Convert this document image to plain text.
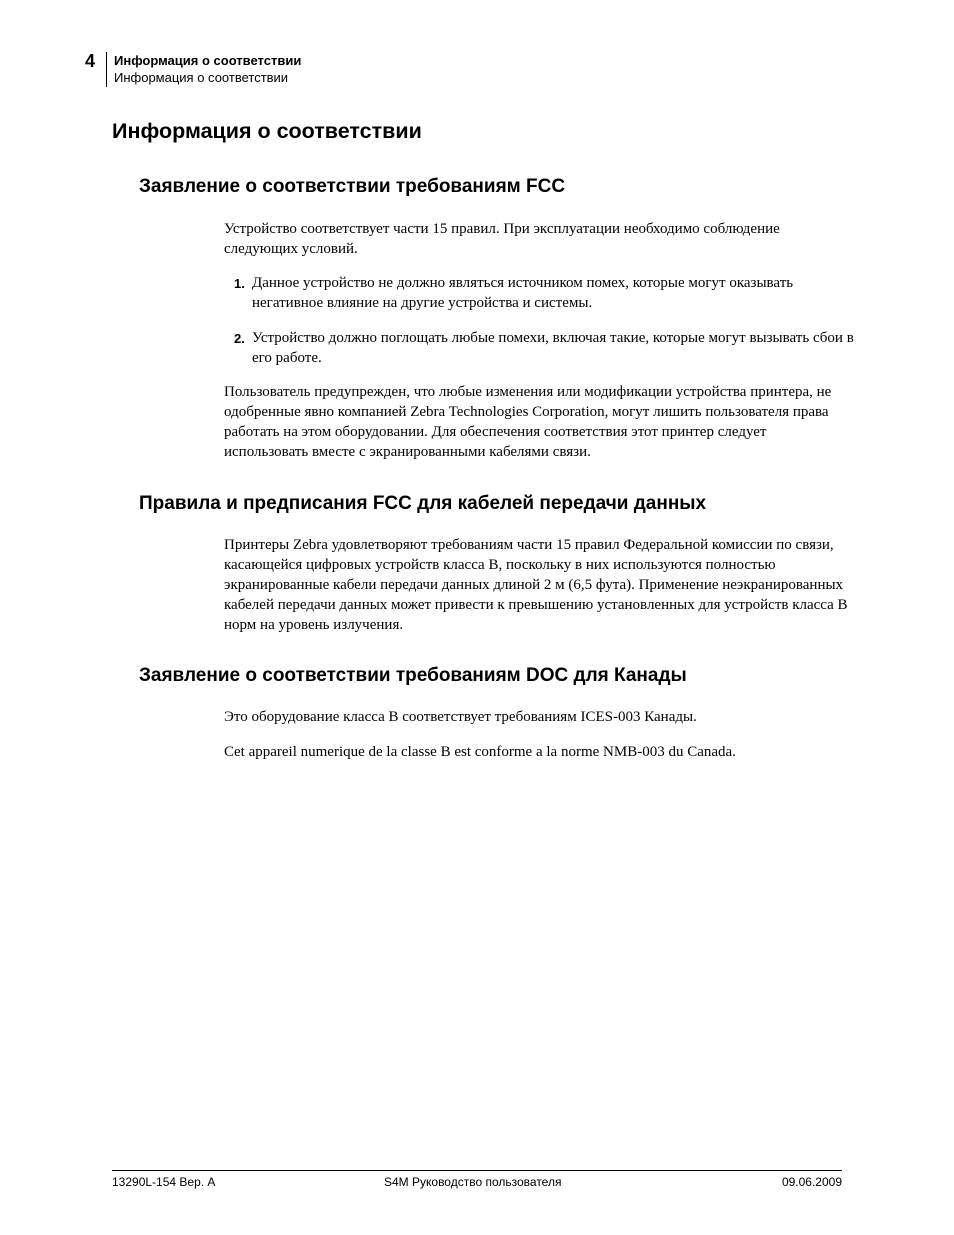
4 Информация о соответствии
Информация о соответствии
Информация о соответствии
Заявление о соответствии требованиям FCC
Устройство соответствует части 15 правил. При эксплуатации необходимо соблюдение следующих условий.
1. Данное устройство не должно являться источником помех, которые могут оказывать негативное влияние на другие устройства и системы.
2. Устройство должно поглощать любые помехи, включая такие, которые могут вызывать сбои в его работе.
Пользователь предупрежден, что любые изменения или модификации устройства принтера, не одобренные явно компанией Zebra Technologies Corporation, могут лишить пользователя права работать на этом оборудовании. Для обеспечения соответствия этот принтер следует использовать вместе с экранированными кабелями связи.
Правила и предписания FCC для кабелей передачи данных
Принтеры Zebra удовлетворяют требованиям части 15 правил Федеральной комиссии по связи, касающейся цифровых устройств класса B, поскольку в них используются полностью экранированные кабели передачи данных длиной 2 м (6,5 фута). Применение неэкранированных кабелей передачи данных может привести к превышению установленных для устройств класса B норм на уровень излучения.
Заявление о соответствии требованиям DOC для Канады
Это оборудование класса B соответствует требованиям ICES-003 Канады.
Cet appareil numerique de la classe B est conforme a la norme NMB-003 du Canada.
13290L-154 Вер. A	S4M Руководство пользователя	09.06.2009
